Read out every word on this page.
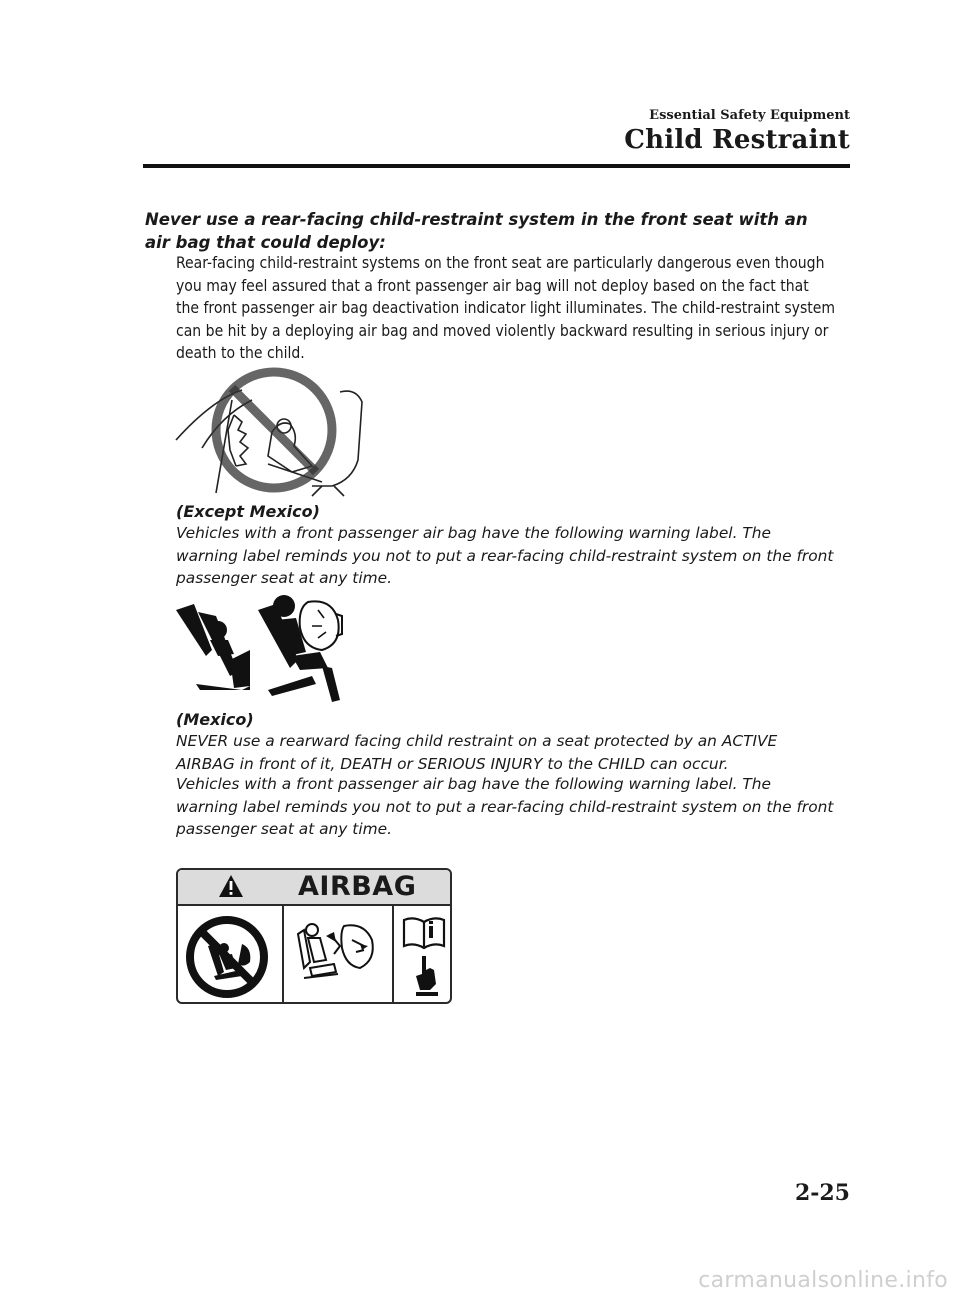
Essential Safety Equipment
Child Restraint
Never use a rear-facing child-restraint system in the front seat with an air bag that could deploy:
Rear-facing child-restraint systems on the front seat are particularly dangerous even though you may feel assured that a front passenger air bag will not deploy based on the fact that the front passenger air bag deactivation indicator light illuminates. The child-restraint system can be hit by a deploying air bag and moved violently backward resulting in serious injury or death to the child.
(Except Mexico)
Vehicles with a front passenger air bag have the following warning label. The warning label reminds you not to put a rear-facing child-restraint system on the front passenger seat at any time.
(Mexico)
NEVER use a rearward facing child restraint on a seat protected by an ACTIVE AIRBAG in front of it, DEATH or SERIOUS INJURY to the CHILD can occur.
Vehicles with a front passenger air bag have the following warning label. The warning label reminds you not to put a rear-facing child-restraint system on the front passenger seat at any time.
AIRBAG
2-25
carmanualsonline.info
